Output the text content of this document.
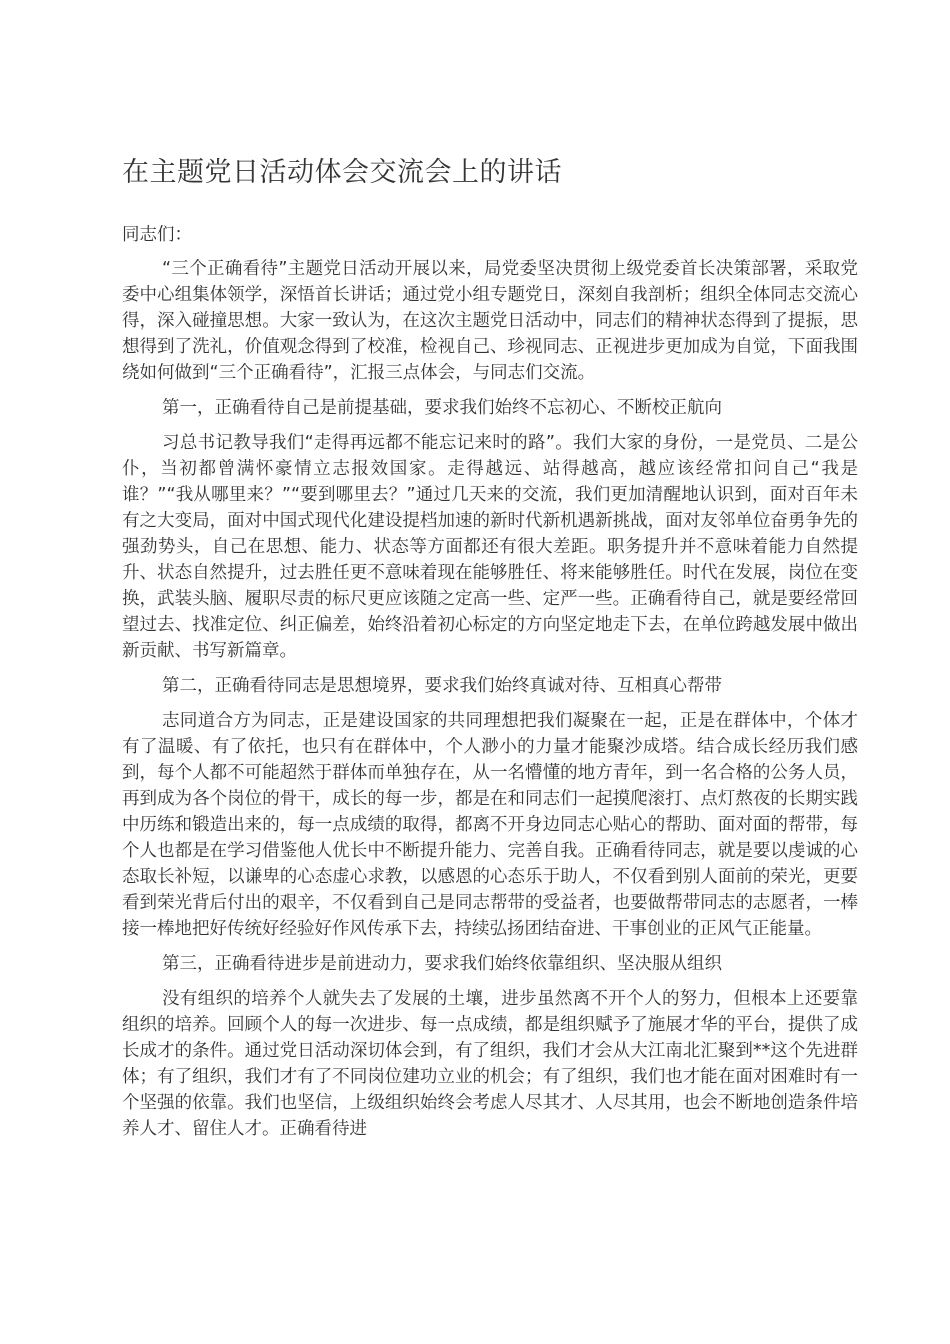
在主题党日活动体会交流会上的讲话

同志们：

“三个正确看待”主题党日活动开展以来，局党委坚决贯彻上级党委首长决策部署，采取党委中心组集体领学，深悟首长讲话；通过党小组专题党日，深刻自我剖析；组织全体同志交流心得，深入碰撞思想。大家一致认为，在这次主题党日活动中，同志们的精神状态得到了提振，思想得到了洗礼，价值观念得到了校准，检视自己、珍视同志、正视进步更加成为自觉，下面我围绕如何做到“三个正确看待”，汇报三点体会，与同志们交流。

第一，正确看待自己是前提基础，要求我们始终不忘初心、不断校正航向

习总书记教导我们“走得再远都不能忘记来时的路”。我们大家的身份，一是党员、二是公仆，当初都曾满怀豪情立志报效国家。走得越远、站得越高，越应该经常扣问自己“我是谁？”“我从哪里来？”“要到哪里去？”通过几天来的交流，我们更加清醒地认识到，面对百年未有之大变局，面对中国式现代化建设提档加速的新时代新机遇新挑战，面对友邻单位奋勇争先的强劲势头，自己在思想、能力、状态等方面都还有很大差距。职务提升并不意味着能力自然提升、状态自然提升，过去胜任更不意味着现在能够胜任、将来能够胜任。时代在发展，岗位在变换，武装头脑、履职尽责的标尺更应该随之定高一些、定严一些。正确看待自己，就是要经常回望过去、找准定位、纠正偏差，始终沿着初心标定的方向坚定地走下去，在单位跨越发展中做出新贡献、书写新篇章。

第二，正确看待同志是思想境界，要求我们始终真诚对待、互相真心帮带

志同道合方为同志，正是建设国家的共同理想把我们凝聚在一起，正是在群体中，个体才有了温暖、有了依托，也只有在群体中，个人渺小的力量才能聚沙成塔。结合成长经历我们感到，每个人都不可能超然于群体而单独存在，从一名懵懂的地方青年，到一名合格的公务人员，再到成为各个岗位的骨干，成长的每一步，都是在和同志们一起摸爬滚打、点灯熬夜的长期实践中历练和锻造出来的，每一点成绩的取得，都离不开身边同志心贴心的帮助、面对面的帮带，每个人也都是在学习借鉴他人优长中不断提升能力、完善自我。正确看待同志，就是要以虔诚的心态取长补短，以谦卑的心态虚心求教，以感恩的心态乐于助人，不仅看到别人面前的荣光，更要看到荣光背后付出的艰辛，不仅看到自己是同志帮带的受益者，也要做帮带同志的志愿者，一棒接一棒地把好传统好经验好作风传承下去，持续弘扬团结奋进、干事创业的正风气正能量。

第三，正确看待进步是前进动力，要求我们始终依靠组织、坚决服从组织

没有组织的培养个人就失去了发展的土壤，进步虽然离不开个人的努力，但根本上还要靠组织的培养。回顾个人的每一次进步、每一点成绩，都是组织赋予了施展才华的平台，提供了成长成才的条件。通过党日活动深切体会到，有了组织，我们才会从大江南北汇聚到**这个先进群体；有了组织，我们才有了不同岗位建功立业的机会；有了组织，我们也才能在面对困难时有一个坚强的依靠。我们也坚信，上级组织始终会考虑人尽其才、人尽其用，也会不断地创造条件培养人才、留住人才。正确看待进
